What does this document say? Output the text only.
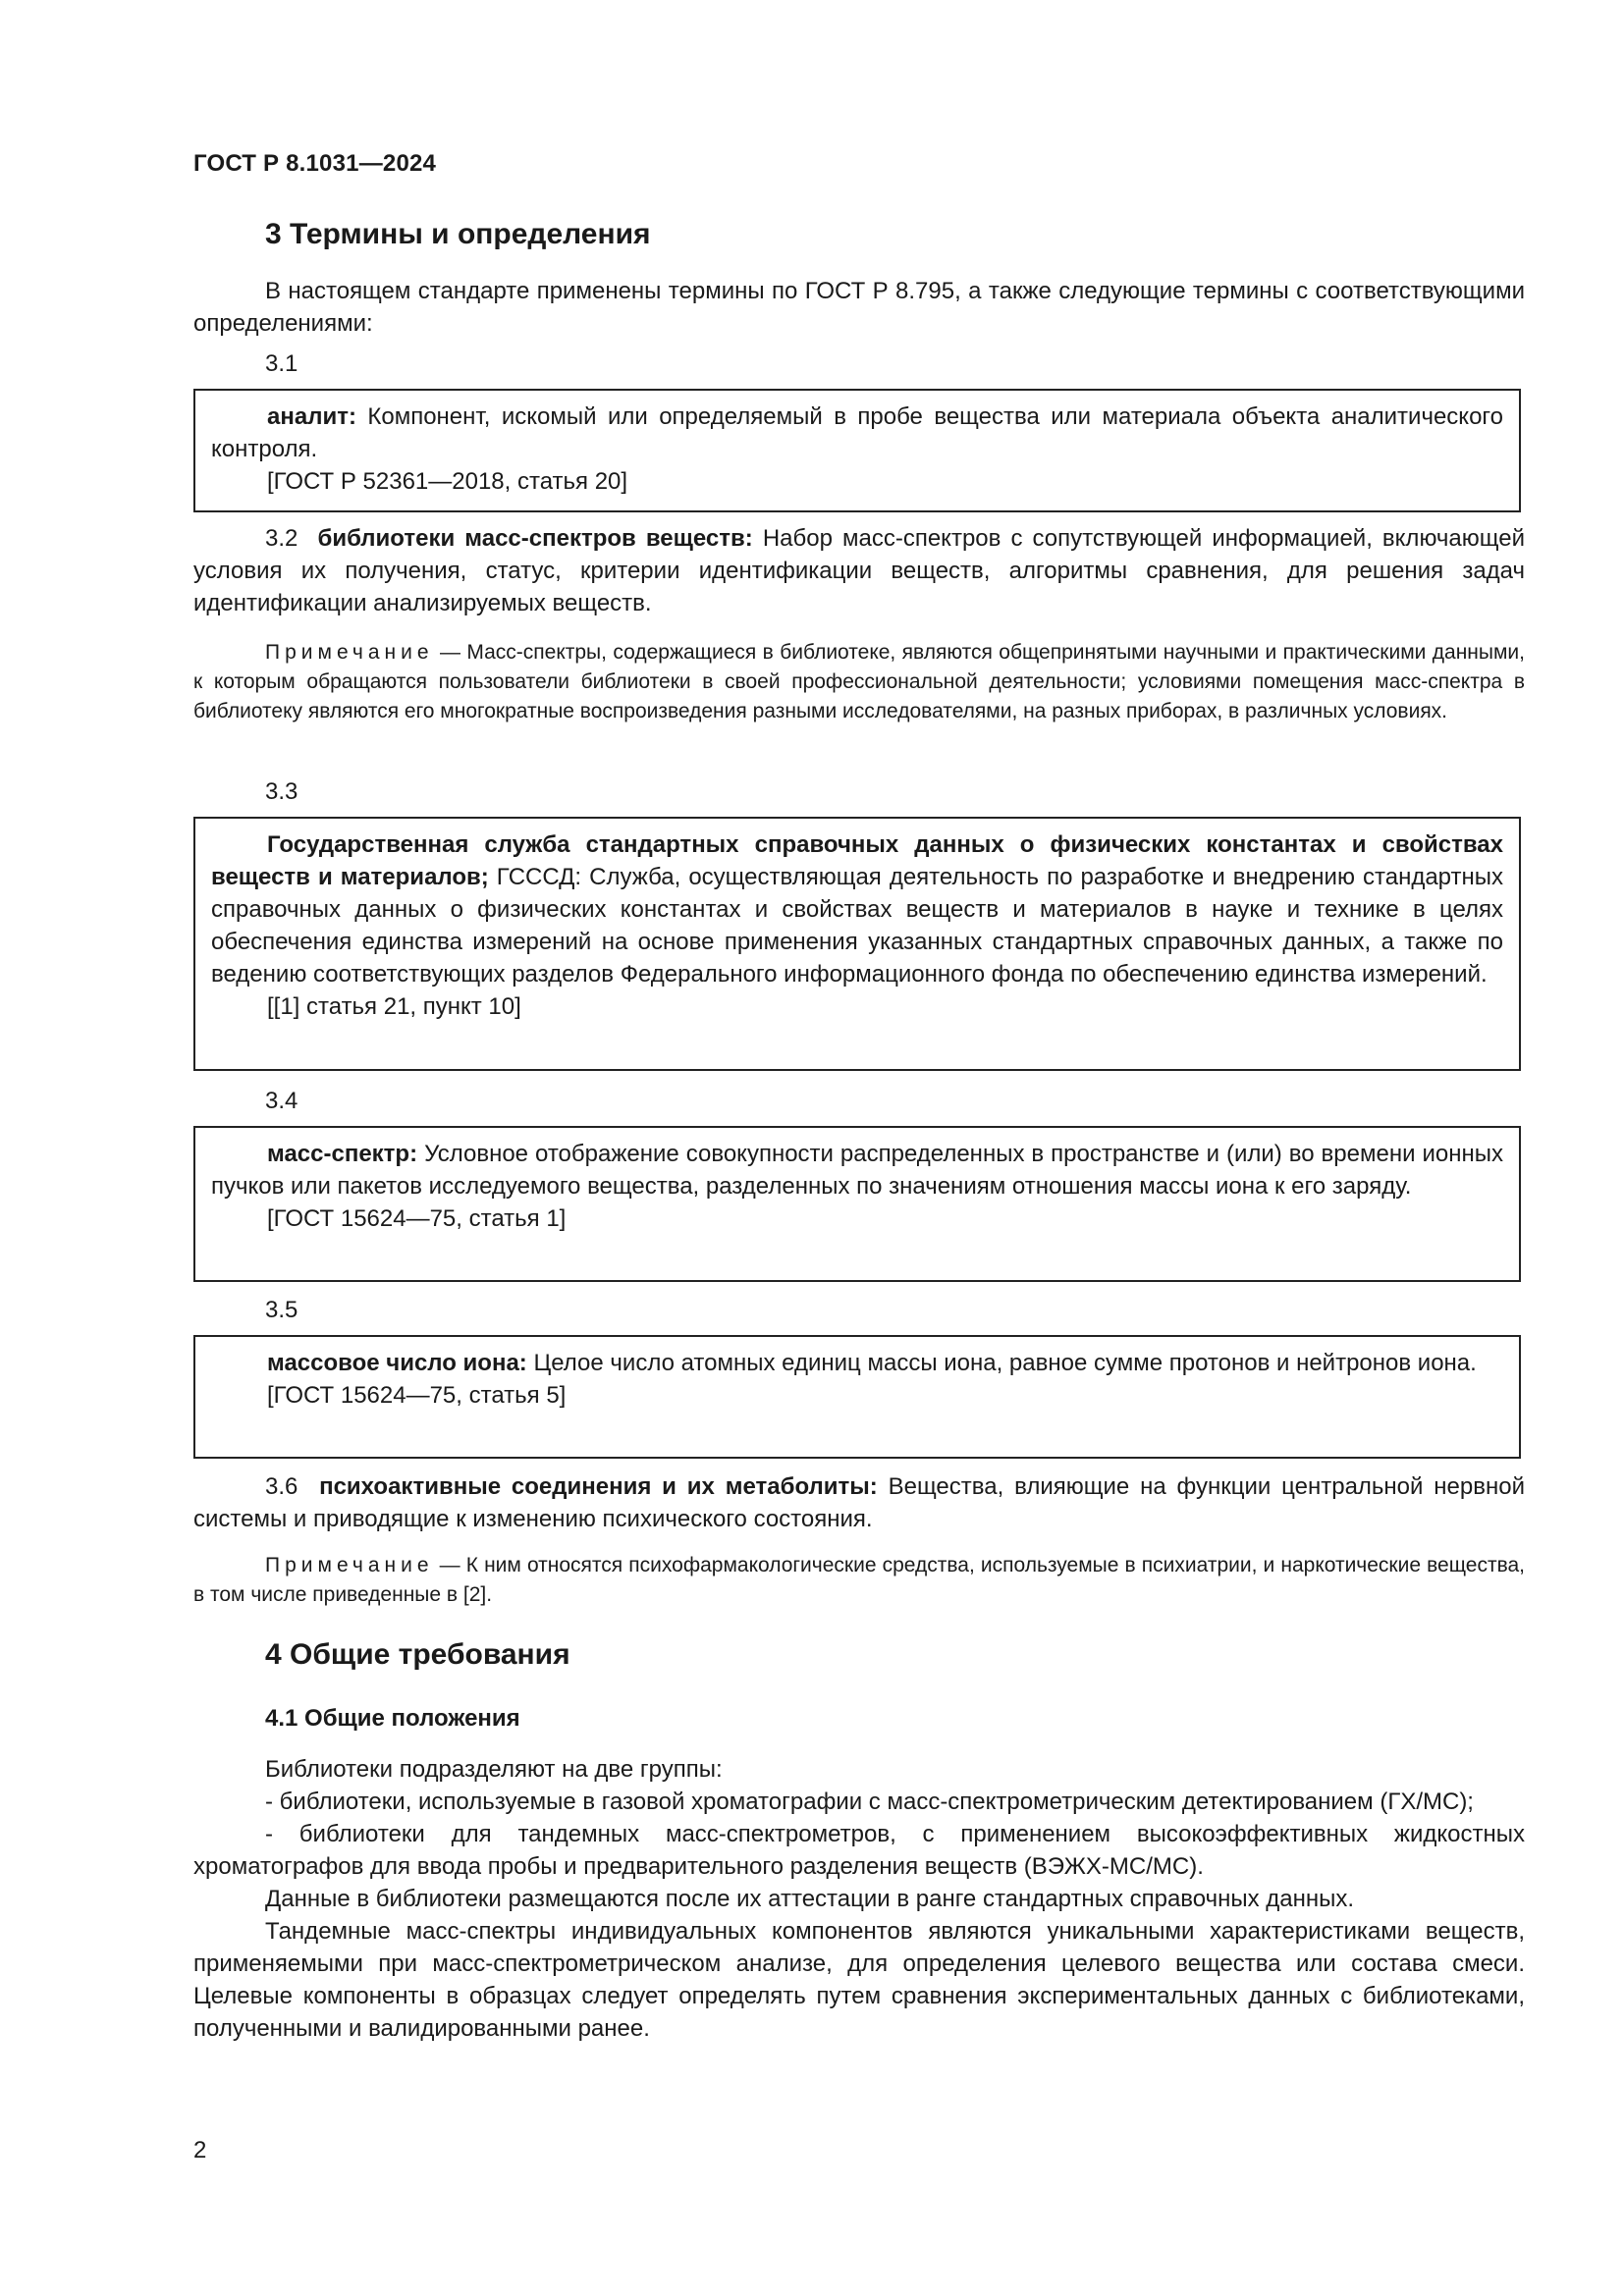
ГОСТ Р 8.1031—2024
3 Термины и определения

В настоящем стандарте применены термины по ГОСТ Р 8.795, а также следующие термины с соответствующими определениями:

3.1

аналит: Компонент, искомый или определяемый в пробе вещества или материала объекта аналитического контроля.

[ГОСТ Р 52361—2018, статья 20]

3.2 библиотеки масс-спектров веществ: Набор масс-спектров с сопутствующей информацией, включающей условия их получения, статус, критерии идентификации веществ, алгоритмы сравнения, для решения задач идентификации анализируемых веществ.

Примечание — Масс-спектры, содержащиеся в библиотеке, являются общепринятыми научными и практическими данными, к которым обращаются пользователи библиотеки в своей профессиональной деятельности; условиями помещения масс-спектра в библиотеку являются его многократные воспроизведения разными исследователями, на разных приборах, в различных условиях.

3.3

Государственная служба стандартных справочных данных о физических константах и свойствах веществ и материалов; ГСССД: Служба, осуществляющая деятельность по разработке и внедрению стандартных справочных данных о физических константах и свойствах веществ и материалов в науке и технике в целях обеспечения единства измерений на основе применения указанных стандартных справочных данных, а также по ведению соответствующих разделов Федерального информационного фонда по обеспечению единства измерений.

[[1] статья 21, пункт 10]
3.4

масс-спектр: Условное отображение совокупности распределенных в пространстве и (или) во времени ионных пучков или пакетов исследуемого вещества, разделенных по значениям отношения массы иона к его заряду.

[ГОСТ 15624—75, статья 1]
3.5

массовое число иона: Целое число атомных единиц массы иона, равное сумме протонов и нейтронов иона.

[ГОСТ 15624—75, статья 5]

3.6 психоактивные соединения и их метаболиты: Вещества, влияющие на функции центральной нервной системы и приводящие к изменению психического состояния.

Примечание — К ним относятся психофармакологические средства, используемые в психиатрии, и наркотические вещества, в том числе приведенные в [2].

4 Общие требования
4.1 Общие положения

Библиотеки подразделяют на две группы:

- библиотеки, используемые в газовой хроматографии с масс-спектрометрическим детектированием (ГХ/МС);

- библиотеки для тандемных масс-спектрометров, с применением высокоэффективных жидкостных хроматографов для ввода пробы и предварительного разделения веществ (ВЭЖХ-МС/МС).

Данные в библиотеки размещаются после их аттестации в ранге стандартных справочных данных.

Тандемные масс-спектры индивидуальных компонентов являются уникальными характеристиками веществ, применяемыми при масс-спектрометрическом анализе, для определения целевого вещества или состава смеси. Целевые компоненты в образцах следует определять путем сравнения экспериментальных данных с библиотеками, полученными и валидированными ранее.

2
